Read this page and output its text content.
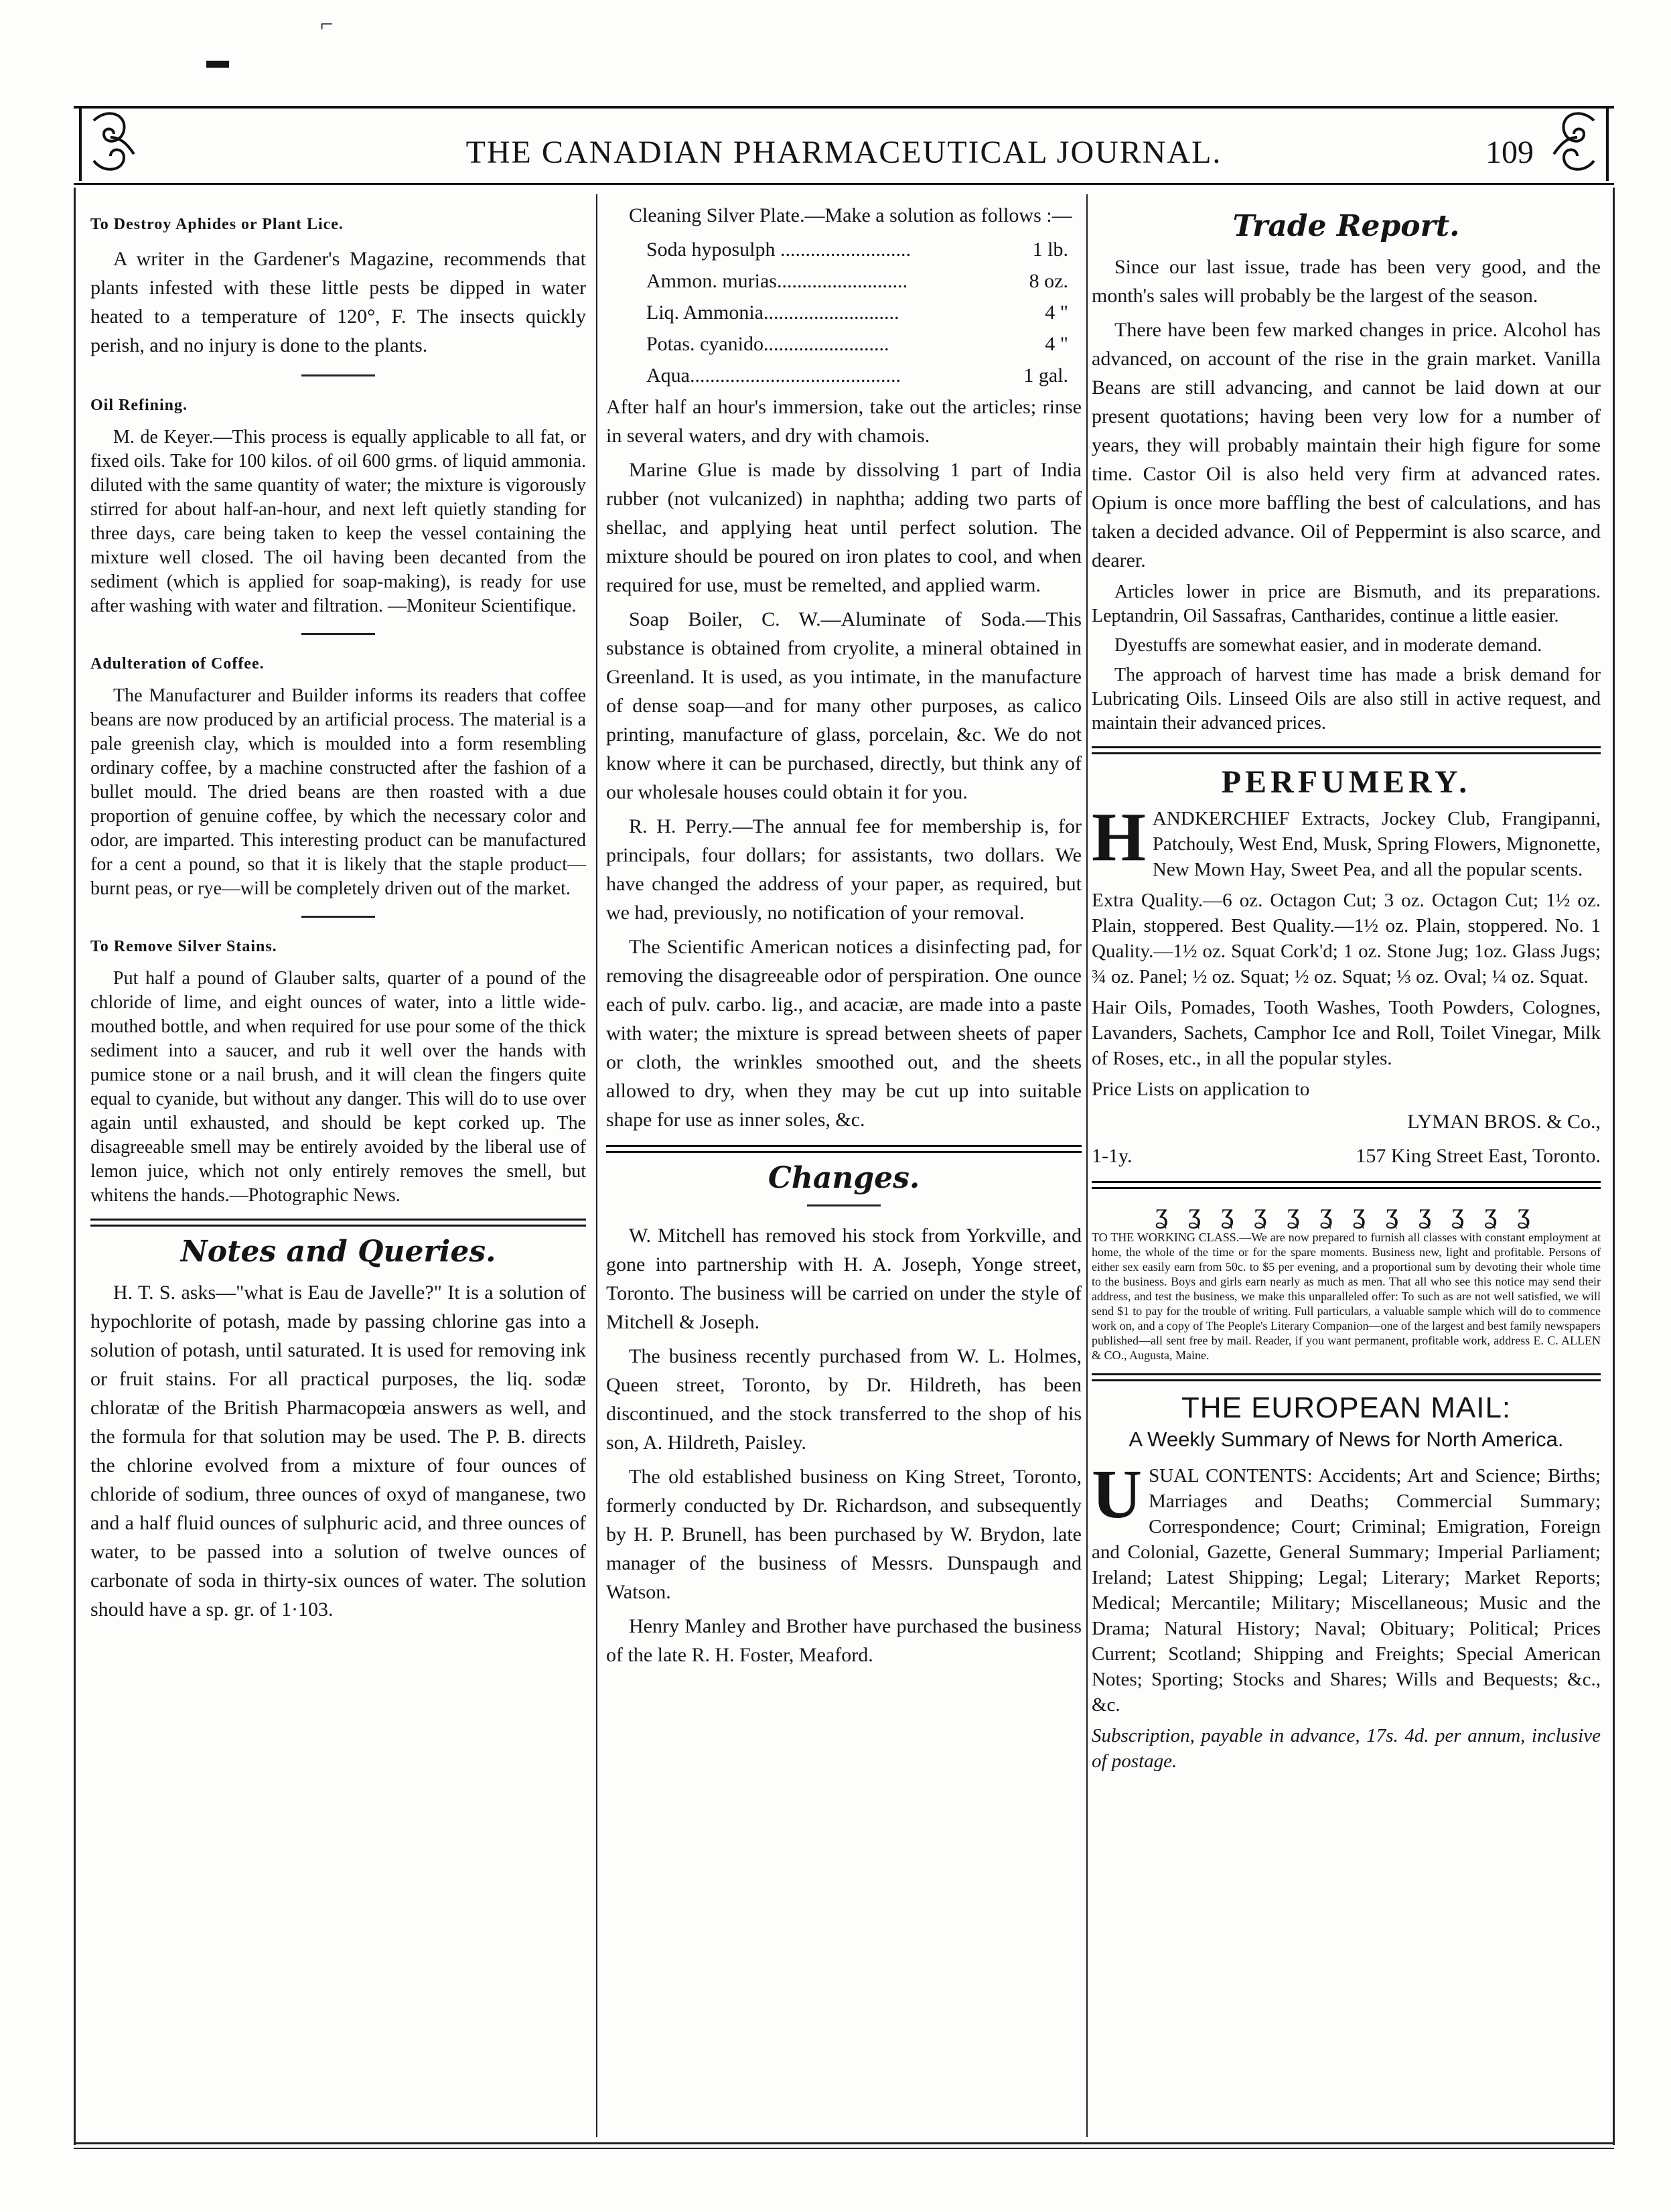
⌐
▬
THE CANADIAN PHARMACEUTICAL JOURNAL.	109

To Destroy Aphides or Plant Lice.

A writer in the Gardener's Magazine, recommends that plants infested with these little pests be dipped in water heated to a temperature of 120°, F. The insects quickly perish, and no injury is done to the plants.

Oil Refining.

M. de Keyer.—This process is equally applicable to all fat, or fixed oils. Take for 100 kilos. of oil 600 grms. of liquid ammonia. diluted with the same quantity of water; the mixture is vigorously stirred for about half-an-hour, and next left quietly standing for three days, care being taken to keep the vessel containing the mixture well closed. The oil having been decanted from the sediment (which is applied for soap-making), is ready for use after washing with water and filtration. —Moniteur Scientifique.

Adulteration of Coffee.

The Manufacturer and Builder informs its readers that coffee beans are now produced by an artificial process. The material is a pale greenish clay, which is moulded into a form resembling ordinary coffee, by a machine constructed after the fashion of a bullet mould. The dried beans are then roasted with a due proportion of genuine coffee, by which the necessary color and odor, are imparted. This interesting product can be manufactured for a cent a pound, so that it is likely that the staple product—burnt peas, or rye—will be completely driven out of the market.

To Remove Silver Stains.

Put half a pound of Glauber salts, quarter of a pound of the chloride of lime, and eight ounces of water, into a little wide-mouthed bottle, and when required for use pour some of the thick sediment into a saucer, and rub it well over the hands with pumice stone or a nail brush, and it will clean the fingers quite equal to cyanide, but without any danger. This will do to use over again until exhausted, and should be kept corked up. The disagreeable smell may be entirely avoided by the liberal use of lemon juice, which not only entirely removes the smell, but whitens the hands.—Photographic News.

Notes and Queries.

H. T. S. asks—"what is Eau de Javelle?" It is a solution of hypochlorite of potash, made by passing chlorine gas into a solution of potash, until saturated. It is used for removing ink or fruit stains. For all practical purposes, the liq. sodæ chloratæ of the British Pharmacopœia answers as well, and the formula for that solution may be used. The P. B. directs the chlorine evolved from a mixture of four ounces of chloride of sodium, three ounces of oxyd of manganese, two and a half fluid ounces of sulphuric acid, and three ounces of water, to be passed into a solution of twelve ounces of carbonate of soda in thirty-six ounces of water. The solution should have a sp. gr. of 1·103.

Cleaning Silver Plate.—Make a solution as follows :—

Soda hyposulph ..........................	1 lb.

Ammon. murias..........................	8 oz.

Liq. Ammonia...........................	4 "

Potas. cyanido.........................	4 "

Aqua..........................................	1 gal.

After half an hour's immersion, take out the articles; rinse in several waters, and dry with chamois.

Marine Glue is made by dissolving 1 part of India rubber (not vulcanized) in naphtha; adding two parts of shellac, and applying heat until perfect solution. The mixture should be poured on iron plates to cool, and when required for use, must be remelted, and applied warm.

Soap Boiler, C. W.—Aluminate of Soda.—This substance is obtained from cryolite, a mineral obtained in Greenland. It is used, as you intimate, in the manufacture of dense soap—and for many other purposes, as calico printing, manufacture of glass, porcelain, &c. We do not know where it can be purchased, directly, but think any of our wholesale houses could obtain it for you.

R. H. Perry.—The annual fee for membership is, for principals, four dollars; for assistants, two dollars. We have changed the address of your paper, as required, but we had, previously, no notification of your removal.

The Scientific American notices a disinfecting pad, for removing the disagreeable odor of perspiration. One ounce each of pulv. carbo. lig., and acaciæ, are made into a paste with water; the mixture is spread between sheets of paper or cloth, the wrinkles smoothed out, and the sheets allowed to dry, when they may be cut up into suitable shape for use as inner soles, &c.

Changes.

W. Mitchell has removed his stock from Yorkville, and gone into partnership with H. A. Joseph, Yonge street, Toronto. The business will be carried on under the style of Mitchell & Joseph.

The business recently purchased from W. L. Holmes, Queen street, Toronto, by Dr. Hildreth, has been discontinued, and the stock transferred to the shop of his son, A. Hildreth, Paisley.

The old established business on King Street, Toronto, formerly conducted by Dr. Richardson, and subsequently by H. P. Brunell, has been purchased by W. Brydon, late manager of the business of Messrs. Dunspaugh and Watson.

Henry Manley and Brother have purchased the business of the late R. H. Foster, Meaford.

Trade Report.

Since our last issue, trade has been very good, and the month's sales will probably be the largest of the season.

There have been few marked changes in price. Alcohol has advanced, on account of the rise in the grain market. Vanilla Beans are still advancing, and cannot be laid down at our present quotations; having been very low for a number of years, they will probably maintain their high figure for some time. Castor Oil is also held very firm at advanced rates. Opium is once more baffling the best of calculations, and has taken a decided advance. Oil of Peppermint is also scarce, and dearer.

Articles lower in price are Bismuth, and its preparations. Leptandrin, Oil Sassafras, Cantharides, continue a little easier.

Dyestuffs are somewhat easier, and in moderate demand.

The approach of harvest time has made a brisk demand for Lubricating Oils. Linseed Oils are also still in active request, and maintain their advanced prices.

PERFUMERY.

HANDKERCHIEF Extracts, Jockey Club, Frangipanni, Patchouly, West End, Musk, Spring Flowers, Mignonette, New Mown Hay, Sweet Pea, and all the popular scents.

Extra Quality.—6 oz. Octagon Cut; 3 oz. Octagon Cut; 1½ oz. Plain, stoppered. Best Quality.—1½ oz. Plain, stoppered. No. 1 Quality.—1½ oz. Squat Cork'd; 1 oz. Stone Jug; 1oz. Glass Jugs; ¾ oz. Panel; ½ oz. Squat; ½ oz. Squat; ⅓ oz. Oval; ¼ oz. Squat.

Hair Oils, Pomades, Tooth Washes, Tooth Powders, Colognes, Lavanders, Sachets, Camphor Ice and Roll, Toilet Vinegar, Milk of Roses, etc., in all the popular styles.

Price Lists on application to

LYMAN BROS. & Co.,

1-1y.	157 King Street East, Toronto.

ʓ ʓ ʓ ʓ ʓ ʓ ʓ ʓ ʓ ʓ ʓ ʓ

TO THE WORKING CLASS.—We are now prepared to furnish all classes with constant employment at home, the whole of the time or for the spare moments. Business new, light and profitable. Persons of either sex easily earn from 50c. to $5 per evening, and a proportional sum by devoting their whole time to the business. Boys and girls earn nearly as much as men. That all who see this notice may send their address, and test the business, we make this unparalleled offer: To such as are not well satisfied, we will send $1 to pay for the trouble of writing. Full particulars, a valuable sample which will do to commence work on, and a copy of The People's Literary Companion—one of the largest and best family newspapers published—all sent free by mail. Reader, if you want permanent, profitable work, address E. C. ALLEN & CO., Augusta, Maine.

THE EUROPEAN MAIL:

A Weekly Summary of News for North America.

USUAL CONTENTS: Accidents; Art and Science; Births; Marriages and Deaths; Commercial Summary; Correspondence; Court; Criminal; Emigration, Foreign and Colonial, Gazette, General Summary; Imperial Parliament; Ireland; Latest Shipping; Legal; Literary; Market Reports; Medical; Mercantile; Military; Miscellaneous; Music and the Drama; Natural History; Naval; Obituary; Political; Prices Current; Scotland; Shipping and Freights; Special American Notes; Sporting; Stocks and Shares; Wills and Bequests; &c., &c.

Subscription, payable in advance, 17s. 4d. per annum, inclusive of postage.
